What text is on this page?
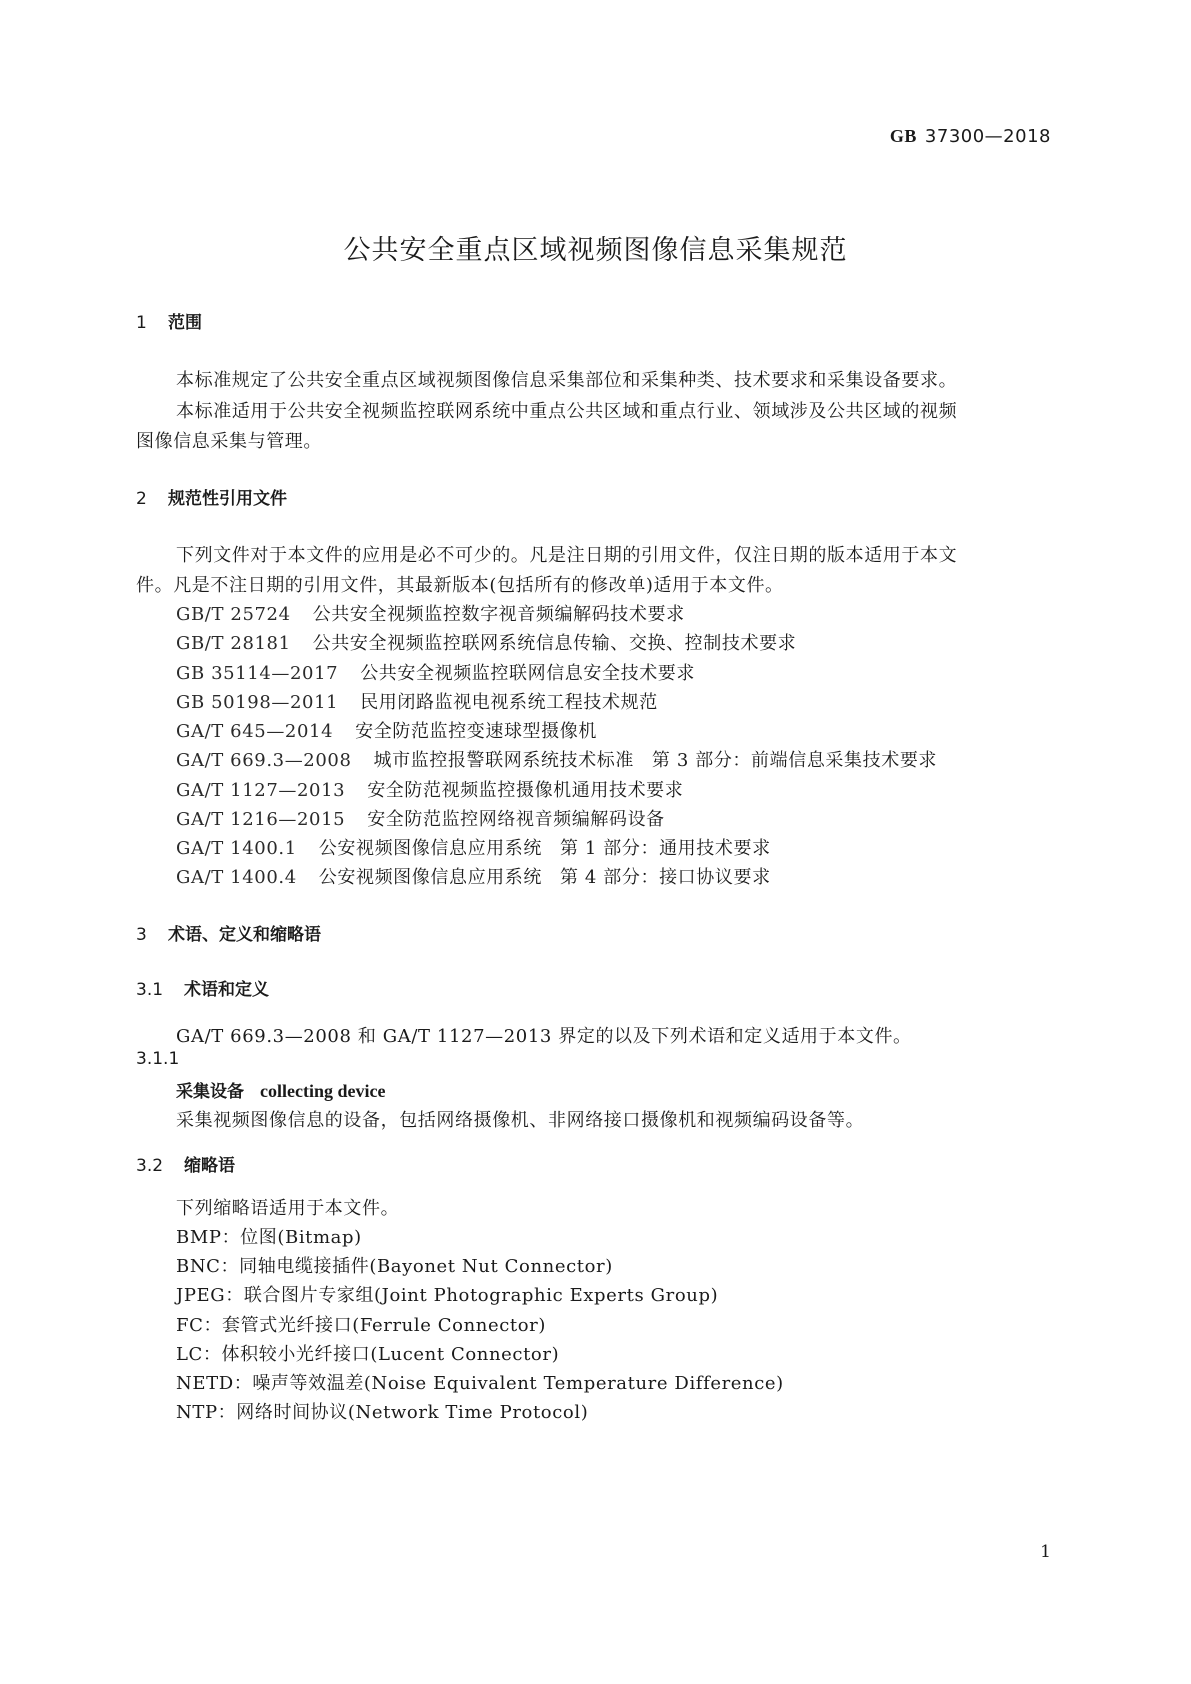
GB 37300—2018
公共安全重点区域视频图像信息采集规范
1 范围
本标准规定了公共安全重点区域视频图像信息采集部位和采集种类、技术要求和采集设备要求。
本标准适用于公共安全视频监控联网系统中重点公共区域和重点行业、领域涉及公共区域的视频
图像信息采集与管理。
2 规范性引用文件
下列文件对于本文件的应用是必不可少的。凡是注日期的引用文件，仅注日期的版本适用于本文
件。凡是不注日期的引用文件，其最新版本(包括所有的修改单)适用于本文件。
GB/T 25724 公共安全视频监控数字视音频编解码技术要求
GB/T 28181 公共安全视频监控联网系统信息传输、交换、控制技术要求
GB 35114—2017 公共安全视频监控联网信息安全技术要求
GB 50198—2011 民用闭路监视电视系统工程技术规范
GA/T 645—2014 安全防范监控变速球型摄像机
GA/T 669.3—2008 城市监控报警联网系统技术标准 第 3 部分：前端信息采集技术要求
GA/T 1127—2013 安全防范视频监控摄像机通用技术要求
GA/T 1216—2015 安全防范监控网络视音频编解码设备
GA/T 1400.1 公安视频图像信息应用系统 第 1 部分：通用技术要求
GA/T 1400.4 公安视频图像信息应用系统 第 4 部分：接口协议要求
3 术语、定义和缩略语
3.1 术语和定义
GA/T 669.3—2008 和 GA/T 1127—2013 界定的以及下列术语和定义适用于本文件。
3.1.1
采集设备 collecting device
采集视频图像信息的设备，包括网络摄像机、非网络接口摄像机和视频编码设备等。
3.2 缩略语
下列缩略语适用于本文件。
BMP：位图(Bitmap)
BNC：同轴电缆接插件(Bayonet Nut Connector)
JPEG：联合图片专家组(Joint Photographic Experts Group)
FC：套管式光纤接口(Ferrule Connector)
LC：体积较小光纤接口(Lucent Connector)
NETD：噪声等效温差(Noise Equivalent Temperature Difference)
NTP：网络时间协议(Network Time Protocol)
1
